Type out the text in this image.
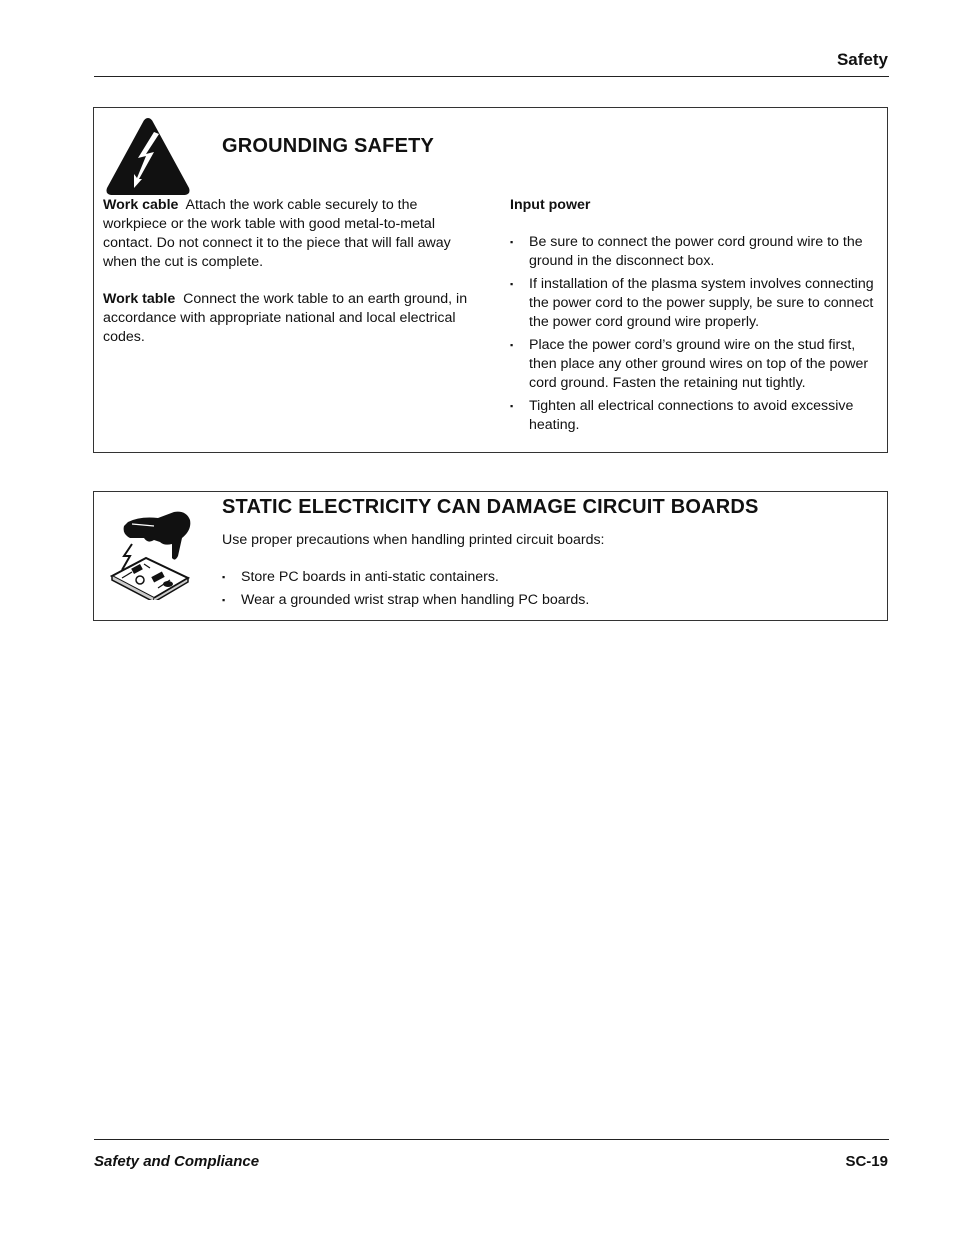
Safety
GROUNDING SAFETY

Work cable Attach the work cable securely to the workpiece or the work table with good metal-to-metal contact. Do not connect it to the piece that will fall away when the cut is complete.

Work table Connect the work table to an earth ground, in accordance with appropriate national and local electrical codes.

Input power
▪ Be sure to connect the power cord ground wire to the ground in the disconnect box.
▪ If installation of the plasma system involves connecting the power cord to the power supply, be sure to connect the power cord ground wire properly.
▪ Place the power cord’s ground wire on the stud first, then place any other ground wires on top of the power cord ground. Fasten the retaining nut tightly.
▪ Tighten all electrical connections to avoid excessive heating.
STATIC ELECTRICITY CAN DAMAGE CIRCUIT BOARDS
Use proper precautions when handling printed circuit boards:
▪ Store PC boards in anti-static containers.
▪ Wear a grounded wrist strap when handling PC boards.
Safety and Compliance	SC-19
